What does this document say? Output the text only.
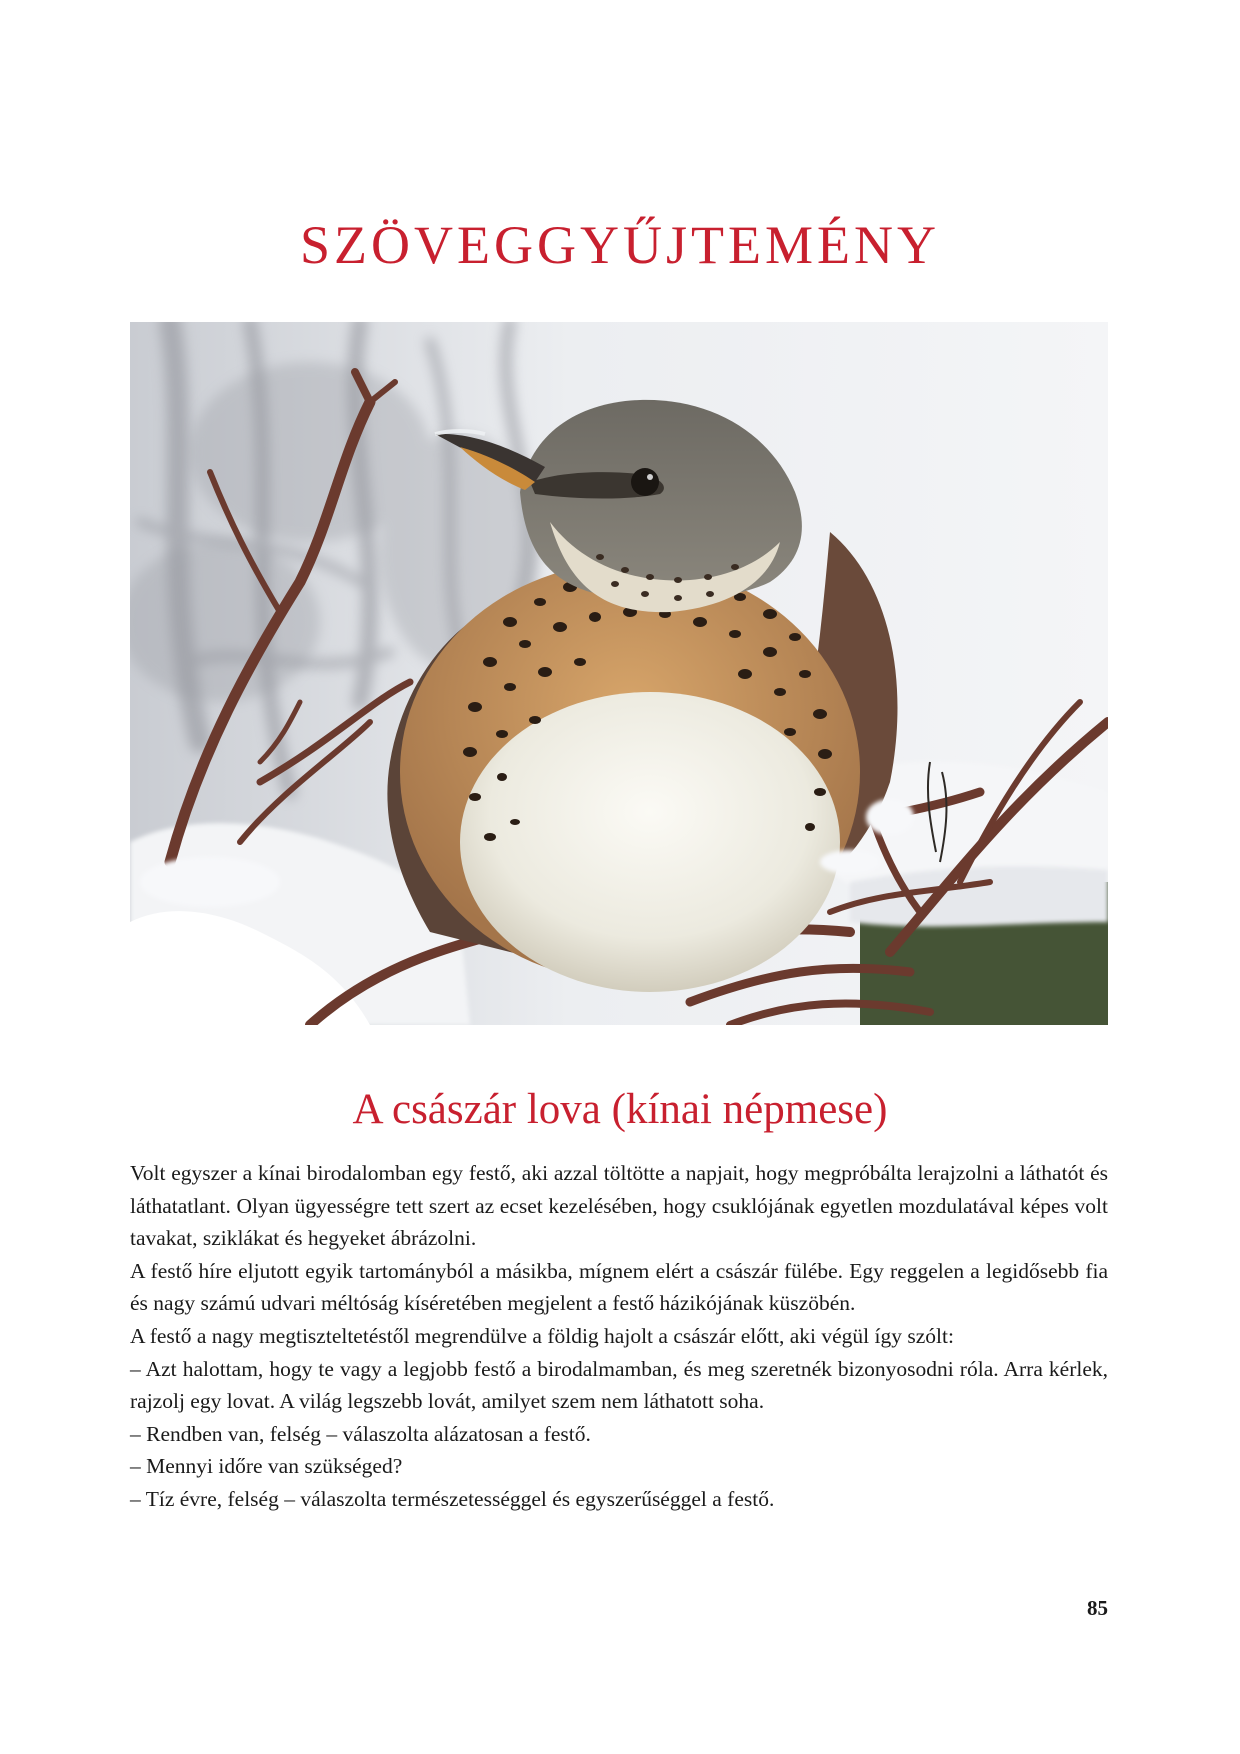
SZÖVEGGYŰJTEMÉNY
A császár lova (kínai népmese)

Volt egyszer a kínai birodalomban egy festő, aki azzal töltötte a napjait, hogy megpróbálta lerajzolni a láthatót és láthatatlant. Olyan ügyességre tett szert az ecset kezelésében, hogy csuklójának egyetlen mozdulatával képes volt tavakat, sziklákat és hegyeket ábrázolni.

A festő híre eljutott egyik tartományból a másikba, mígnem elért a császár fülébe. Egy reggelen a legidősebb fia és nagy számú udvari méltóság kíséretében megjelent a festő házikójának küszöbén.

A festő a nagy megtiszteltetéstől megrendülve a földig hajolt a császár előtt, aki végül így szólt:

– Azt halottam, hogy te vagy a legjobb festő a birodalmamban, és meg szeretnék bizonyosodni róla. Arra kérlek, rajzolj egy lovat. A világ legszebb lovát, amilyet szem nem láthatott soha.

– Rendben van, felség – válaszolta alázatosan a festő.

– Mennyi időre van szükséged?

– Tíz évre, felség – válaszolta természetességgel és egyszerűséggel a festő.

85
